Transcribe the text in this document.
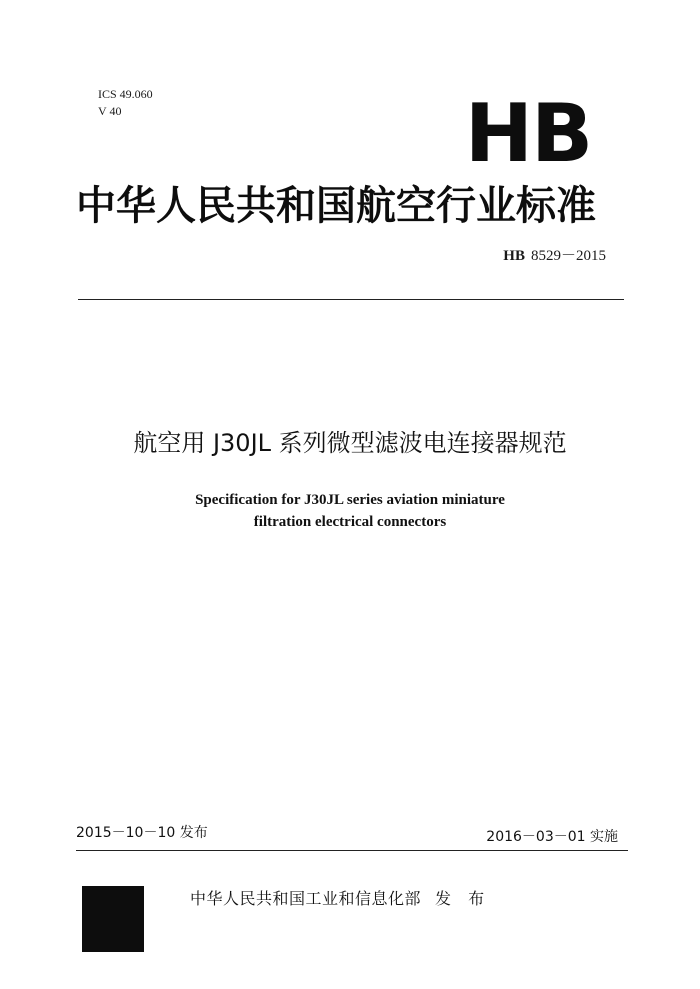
ICS 49.060
V 40	HB
中华人民共和国航空行业标准
HB 8529－2015
航空用 J30JL 系列微型滤波电连接器规范
Specification for J30JL series aviation miniature
filtration electrical connectors
2015－10－10 发布	2016－03－01 实施
中华人民共和国工业和信息化部 发 布
